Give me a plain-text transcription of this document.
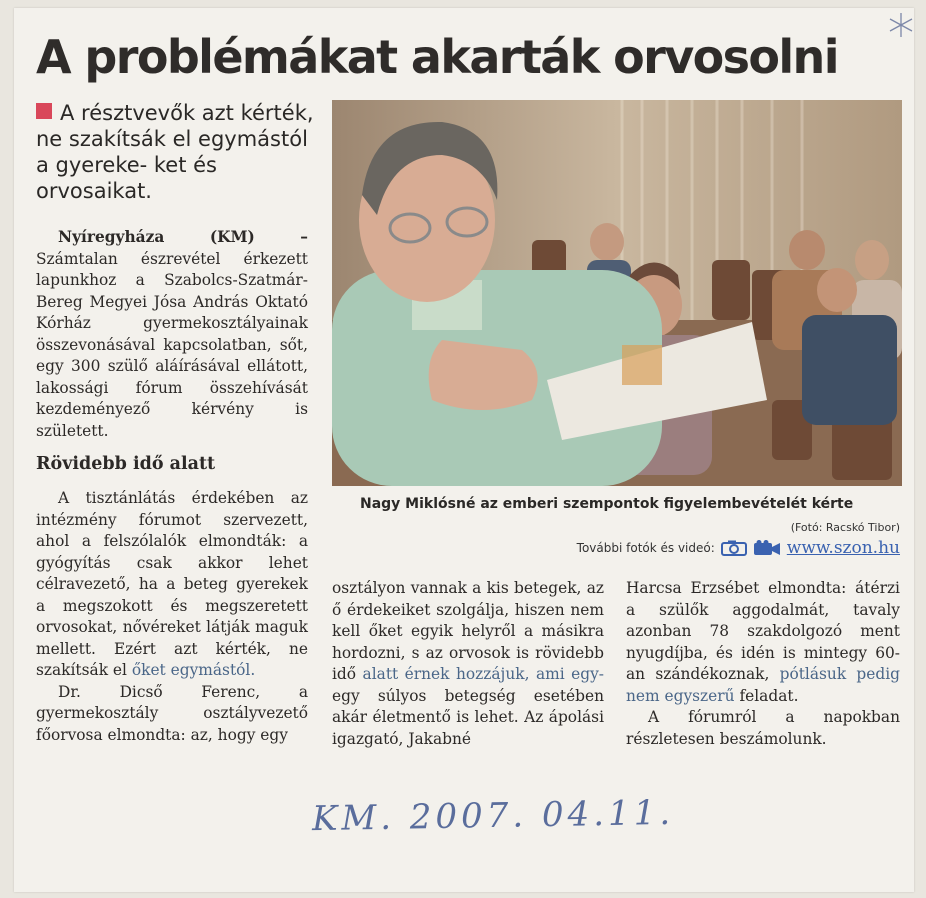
A problémákat akarták orvosolni
A résztvevők azt kérték, ne szakítsák el egymástól a gyereke- ket és orvosaikat.

Nyíregyháza (KM) – Számtalan észrevétel érkezett lapunkhoz a Szabolcs-Szatmár-Bereg Megyei Jósa András Oktató Kórház gyermekosztályainak összevonásával kapcsolatban, sőt, egy 300 szülő aláírásával ellátott, lakossági fórum összehívását kezdeményező kérvény is született.

Rövidebb idő alatt

A tisztánlátás érdekében az intézmény fórumot szervezett, ahol a felszólalók elmondták: a gyógyítás csak akkor lehet célravezető, ha a beteg gyerekek a megszokott és megszeretett orvosokat, nővéreket látják maguk mellett. Ezért azt kérték, ne szakítsák el őket egymástól.

Dr. Dicső Ferenc, a gyermekosztály osztályvezető főorvosa elmondta: az, hogy egy

Nagy Miklósné az emberi szempontok figyelembevételét kérte
(Fotó: Racskó Tibor)
További fotók és videó:	www.szon.hu

osztályon vannak a kis betegek, az ő érdekeiket szolgálja, hiszen nem kell őket egyik helyről a másikra hordozni, s az orvosok is rövidebb idő alatt érnek hozzájuk, ami egy- egy súlyos betegség esetében akár életmentő is lehet. Az ápolási igazgató, Jakabné

Harcsa Erzsébet elmondta: átérzi a szülők aggodalmát, tavaly azonban 78 szakdolgozó ment nyugdíjba, és idén is mintegy 60-an szándékoznak, pótlásuk pedig nem egyszerű feladat.

A fórumról a napokban részletesen beszámolunk.

KM. 2007. 04.11.
